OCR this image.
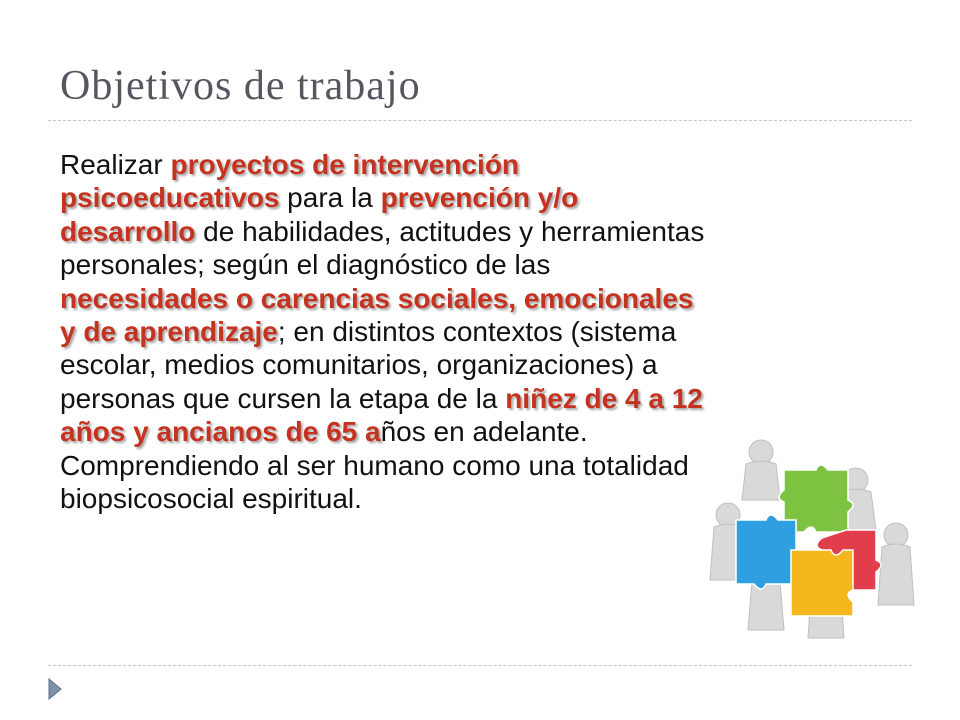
Objetivos de trabajo

Realizar proyectos de intervención psicoeducativos para la prevención y/o desarrollo de habilidades, actitudes y herramientas personales; según el diagnóstico de las necesidades o carencias sociales, emocionales y de aprendizaje; en distintos contextos (sistema escolar, medios comunitarios, organizaciones) a personas que cursen la etapa de la niñez de 4 a 12 años y ancianos de 65 años en adelante. Comprendiendo al ser humano como una totalidad biopsicosocial espiritual.
